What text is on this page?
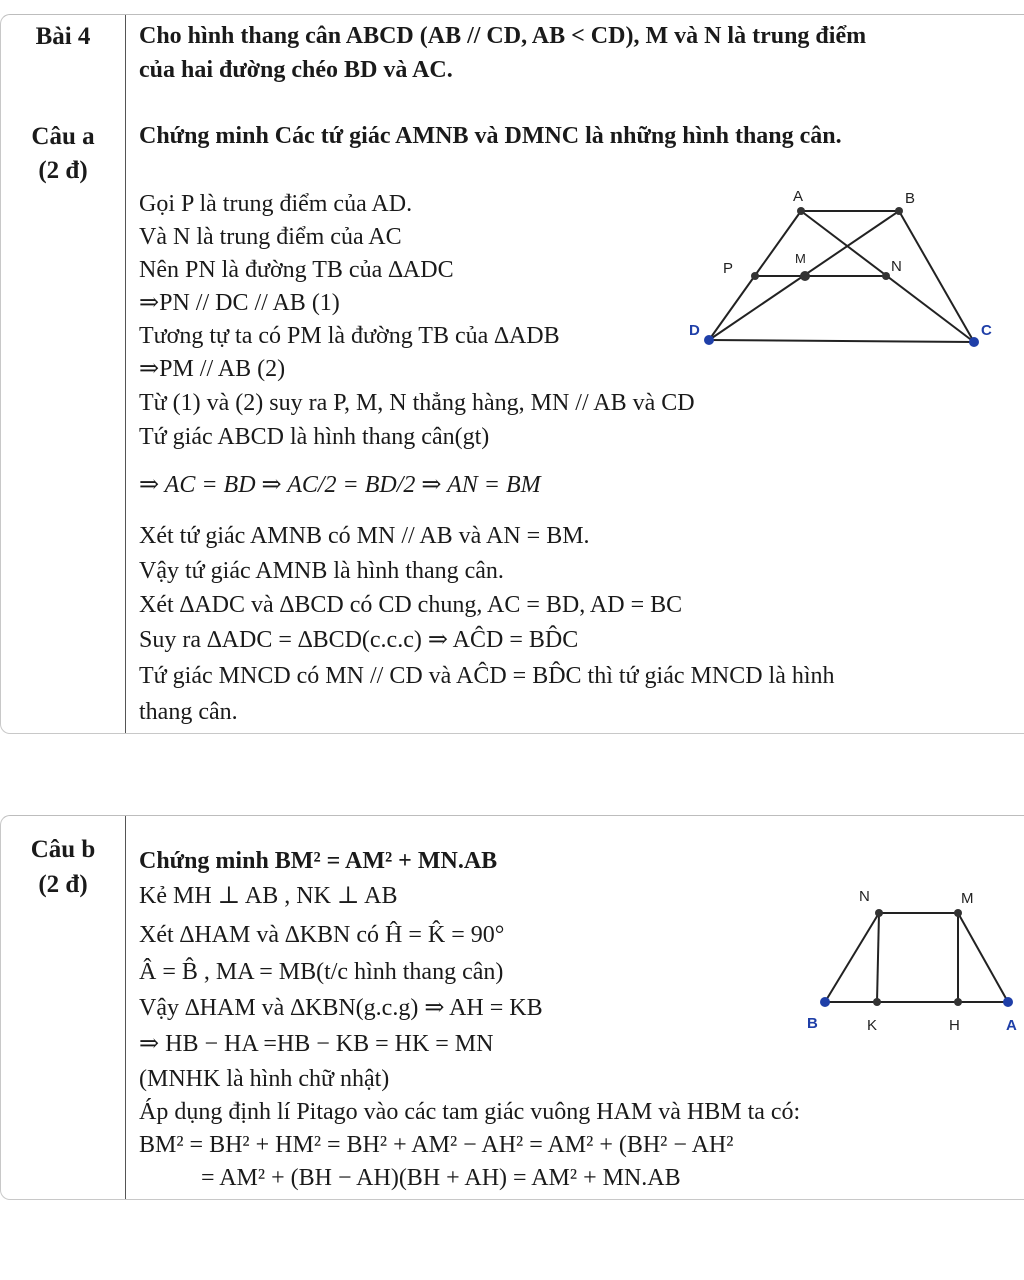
Bài 4	Cho hình thang cân ABCD (AB // CD, AB < CD), M và N là trung điểm
của hai đường chéo BD và AC.
Câu a
(2 đ)
Chứng minh Các tứ giác AMNB và DMNC là những hình thang cân.
Gọi P là trung điểm của AD.
Và N là trung điểm của AC
Nên PN là đường TB của ∆ADC
⇒PN // DC // AB (1)
Tương tự ta có PM là đường TB của ∆ADB
⇒PM // AB (2)
Từ (1) và (2) suy ra P, M, N thẳng hàng, MN // AB và CD
Tứ giác ABCD là hình thang cân(gt)
⇒ AC = BD ⇒ AC/2 = BD/2 ⇒ AN = BM
Xét tứ giác AMNB có MN // AB và AN = BM.
Vậy tứ giác AMNB là hình thang cân.
Xét ∆ADC và ∆BCD có CD chung, AC = BD, AD = BC
Suy ra ∆ADC = ∆BCD(c.c.c) ⇒ AĈD = BD̂C
Tứ giác MNCD có MN // CD và AĈD = BD̂C thì tứ giác MNCD là hình
thang cân.
A	B
P
M	N
D	C
Câu b
(2 đ)
Chứng minh BM² = AM² + MN.AB
Kẻ MH ⊥ AB , NK ⊥ AB
Xét ∆HAM và ∆KBN có Ĥ = K̂ = 90°
Â = B̂ , MA = MB(t/c hình thang cân)
Vậy ∆HAM và ∆KBN(g.c.g) ⇒ AH = KB
⇒ HB − HA =HB − KB = HK = MN
(MNHK là hình chữ nhật)
Áp dụng định lí Pitago vào các tam giác vuông HAM và HBM ta có:
BM² = BH² + HM² = BH² + AM² − AH² = AM² + (BH² − AH²
= AM² + (BH − AH)(BH + AH) = AM² + MN.AB
N	M
B	K	H	A
